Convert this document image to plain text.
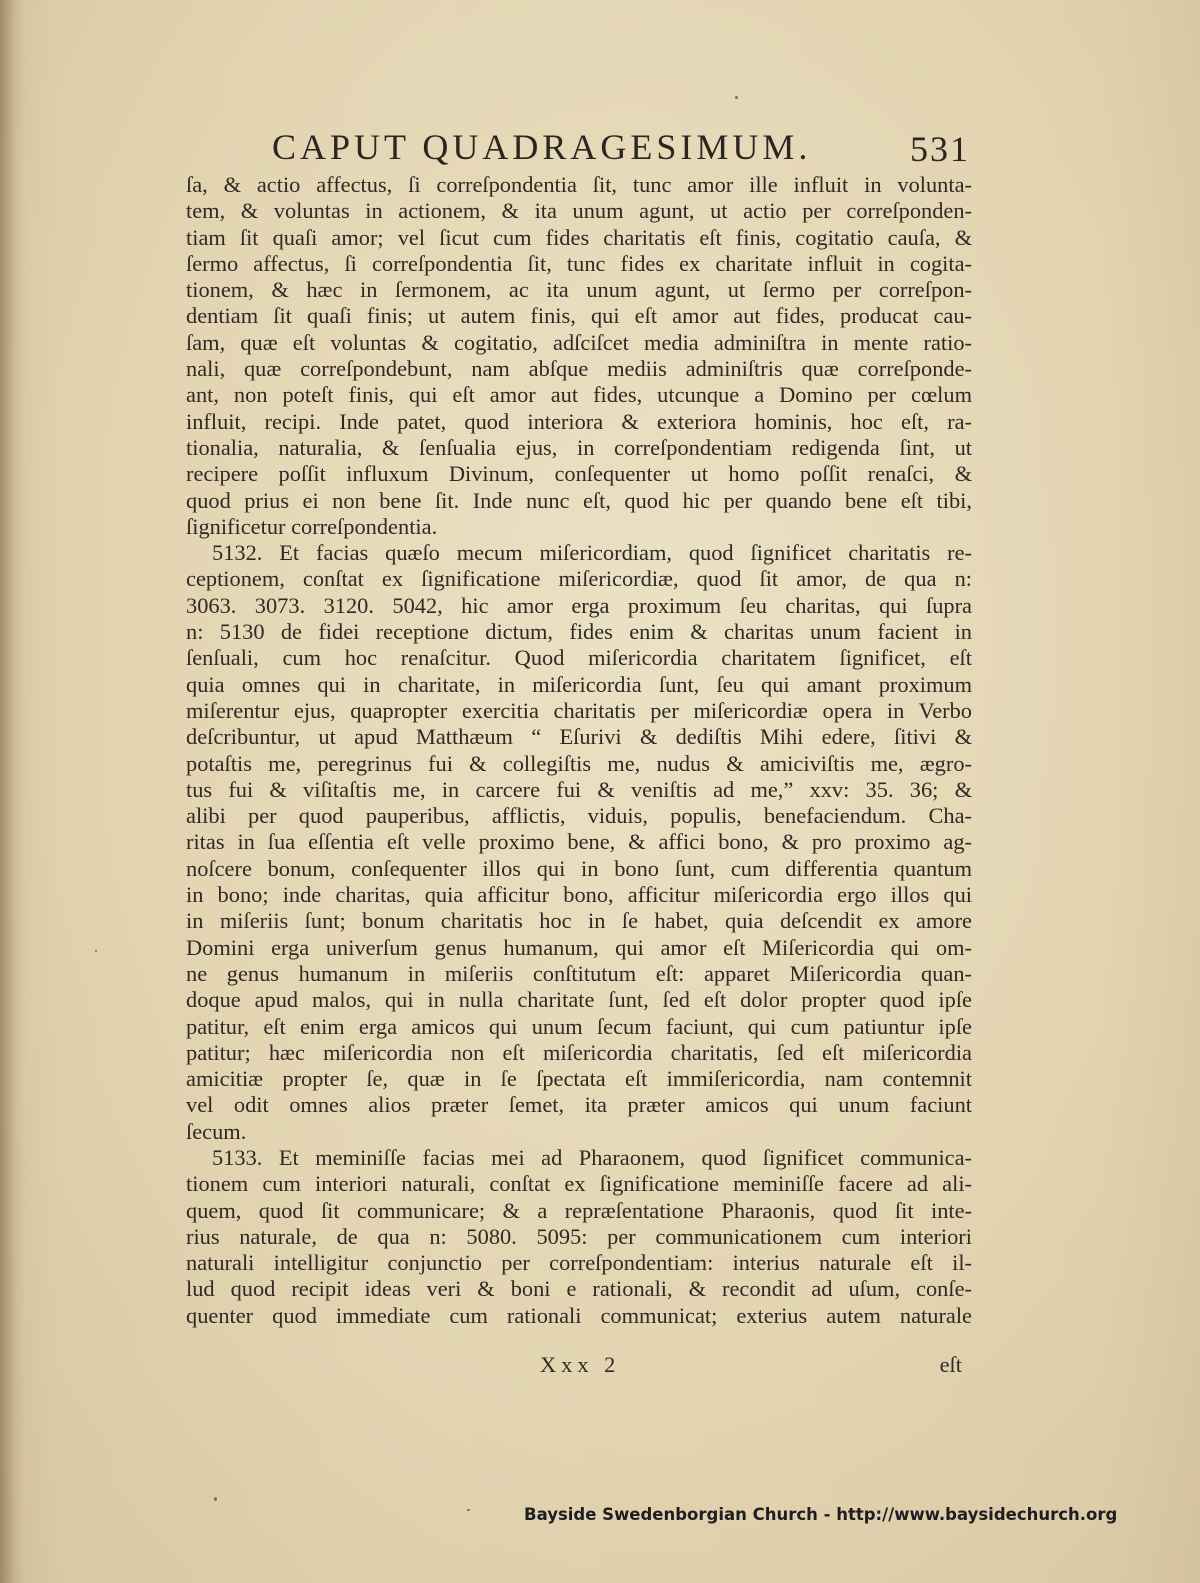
CAPUT QUADRAGESIMUM.	531
ſa, & actio affectus, ſi correſpondentia ſit, tunc amor ille influit in volunta-
tem, & voluntas in actionem, & ita unum agunt, ut actio per correſponden-
tiam ſit quaſi amor; vel ſicut cum fides charitatis eſt finis, cogitatio cauſa, &
ſermo affectus, ſi correſpondentia ſit, tunc fides ex charitate influit in cogita-
tionem, & hæc in ſermonem, ac ita unum agunt, ut ſermo per correſpon-
dentiam ſit quaſi finis; ut autem finis, qui eſt amor aut fides, producat cau-
ſam, quæ eſt voluntas & cogitatio, adſciſcet media adminiſtra in mente ratio-
nali, quæ correſpondebunt, nam abſque mediis adminiſtris quæ correſponde-
ant, non poteſt finis, qui eſt amor aut fides, utcunque a Domino per cœlum
influit, recipi. Inde patet, quod interiora & exteriora hominis, hoc eſt, ra-
tionalia, naturalia, & ſenſualia ejus, in correſpondentiam redigenda ſint, ut
recipere poſſit influxum Divinum, conſequenter ut homo poſſit renaſci, &
quod prius ei non bene ſit. Inde nunc eſt, quod hic per quando bene eſt tibi,
ſignificetur correſpondentia.
5132. Et facias quæſo mecum miſericordiam, quod ſignificet charitatis re-
ceptionem, conſtat ex ſignificatione miſericordiæ, quod ſit amor, de qua n:
3063. 3073. 3120. 5042, hic amor erga proximum ſeu charitas, qui ſupra
n: 5130 de fidei receptione dictum, fides enim & charitas unum facient in
ſenſuali, cum hoc renaſcitur. Quod miſericordia charitatem ſignificet, eſt
quia omnes qui in charitate, in miſericordia ſunt, ſeu qui amant proximum
miſerentur ejus, quapropter exercitia charitatis per miſericordiæ opera in Verbo
deſcribuntur, ut apud Matthæum “ Eſurivi & dediſtis Mihi edere, ſitivi &
potaſtis me, peregrinus fui & collegiſtis me, nudus & amiciviſtis me, ægro-
tus fui & viſitaſtis me, in carcere fui & veniſtis ad me,” xxv: 35. 36; &
alibi per quod pauperibus, afflictis, viduis, populis, benefaciendum. Cha-
ritas in ſua eſſentia eſt velle proximo bene, & affici bono, & pro proximo ag-
noſcere bonum, conſequenter illos qui in bono ſunt, cum differentia quantum
in bono; inde charitas, quia afficitur bono, afficitur miſericordia ergo illos qui
in miſeriis ſunt; bonum charitatis hoc in ſe habet, quia deſcendit ex amore
Domini erga univerſum genus humanum, qui amor eſt Miſericordia qui om-
ne genus humanum in miſeriis conſtitutum eſt: apparet Miſericordia quan-
doque apud malos, qui in nulla charitate ſunt, ſed eſt dolor propter quod ipſe
patitur, eſt enim erga amicos qui unum ſecum faciunt, qui cum patiuntur ipſe
patitur; hæc miſericordia non eſt miſericordia charitatis, ſed eſt miſericordia
amicitiæ propter ſe, quæ in ſe ſpectata eſt immiſericordia, nam contemnit
vel odit omnes alios præter ſemet, ita præter amicos qui unum faciunt
ſecum.
5133. Et meminiſſe facias mei ad Pharaonem, quod ſignificet communica-
tionem cum interiori naturali, conſtat ex ſignificatione meminiſſe facere ad ali-
quem, quod ſit communicare; & a repræſentatione Pharaonis, quod ſit inte-
rius naturale, de qua n: 5080. 5095: per communicationem cum interiori
naturali intelligitur conjunctio per correſpondentiam: interius naturale eſt il-
lud quod recipit ideas veri & boni e rationali, & recondit ad uſum, conſe-
quenter quod immediate cum rationali communicat; exterius autem naturale
Xxx 2	eſt
Bayside Swedenborgian Church - http://www.baysidechurch.org
